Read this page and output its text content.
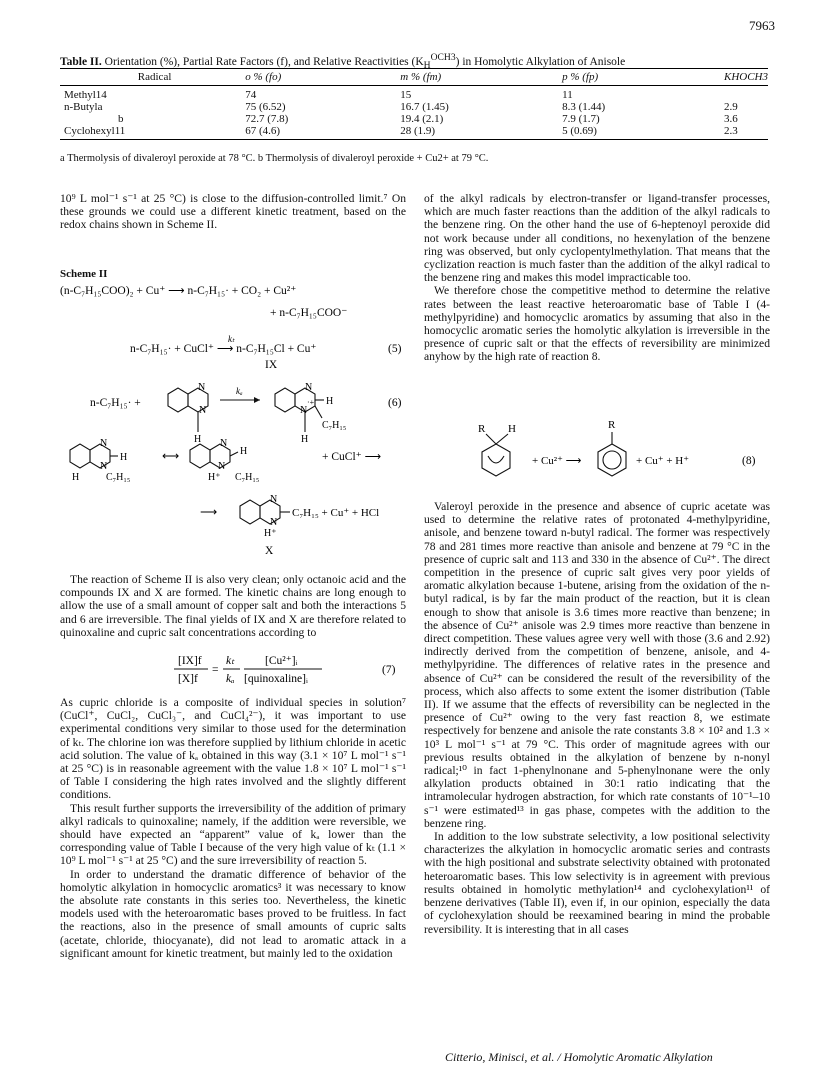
7963
Table II. Orientation (%), Partial Rate Factors (f), and Relative Reactivities $(K_H^{OCH3})$ in Homolytic Alkylation of Anisole
Radical	o % (fo)	m % (fm)	p % (fp)	KHOCH3
Methyl14	74	15	11	
n-Butyla	75 (6.52)	16.7 (1.45)	8.3 (1.44)	2.9
b	72.7 (7.8)	19.4 (2.1)	7.9 (1.7)	3.6
Cyclohexyl11	67 (4.6)	28 (1.9)	5 (0.69)	2.3
a Thermolysis of divaleroyl peroxide at 78 °C. b Thermolysis of divaleroyl peroxide + Cu2+ at 79 °C.

10⁹ L mol⁻¹ s⁻¹ at 25 °C) is close to the diffusion-controlled limit.⁷ On these grounds we could use a different kinetic treatment, based on the redox chains shown in Scheme II.

Scheme II
(n-C₇H₁₅COO)₂ + Cu⁺ ⟶ n-C₇H₁₅· + CO₂ + Cu²⁺
+ n-C₇H₁₅COO⁻
kₜ
n-C₇H₁₅· + CuCl⁺ ⟶ n-C₇H₁₅Cl + Cu⁺	(5)
IX
n-C₇H₁₅· +
N
N
H
kₐ	N
N
·+ H
C₇H₁₅
H
(6)
N
N
H
H	C₇H₁₅
⟷
N
N
H
H⁺ C₇H₁₅
+ CuCl⁺ ⟶
⟶
N
N
H⁺
C₇H₁₅ + Cu⁺ + HCl
X

The reaction of Scheme II is also very clean; only octanoic acid and the compounds IX and X are formed. The kinetic chains are long enough to allow the use of a small amount of copper salt and both the interactions 5 and 6 are irreversible. The final yields of IX and X are therefore related to quinoxaline and cupric salt concentrations according to

[IX]f
[X]f
=
kₜ
kₐ
[Cu²⁺]ᵢ
[quinoxaline]ᵢ
(7)

As cupric chloride is a composite of individual species in solution⁷ (CuCl⁺, CuCl₂, CuCl₃⁻, and CuCl₄²⁻), it was important to use experimental conditions very similar to those used for the determination of kₜ. The chlorine ion was therefore supplied by lithium chloride in acetic acid solution. The value of kₐ obtained in this way (3.1 × 10⁷ L mol⁻¹ s⁻¹ at 25 °C) is in reasonable agreement with the value 1.8 × 10⁷ L mol⁻¹ s⁻¹ of Table I considering the high rates involved and the slightly different conditions.

This result further supports the irreversibility of the addition of primary alkyl radicals to quinoxaline; namely, if the addition were reversible, we should have expected an “apparent” value of kₐ lower than the corresponding value of Table I because of the very high value of kₜ (1.1 × 10⁹ L mol⁻¹ s⁻¹ at 25 °C) and the sure irreversibility of reaction 5.

In order to understand the dramatic difference of behavior of the homolytic alkylation in homocyclic aromatics³ it was necessary to know the absolute rate constants in this series too. Nevertheless, the kinetic models used with the heteroaromatic bases proved to be fruitless. In fact the reactions, also in the presence of small amounts of cupric salts (acetate, chloride, thiocyanate), did not lead to aromatic attack in a significant amount for kinetic treatment, but mainly led to the oxidation

of the alkyl radicals by electron-transfer or ligand-transfer processes, which are much faster reactions than the addition of the alkyl radicals to the benzene ring. On the other hand the use of 6-heptenoyl peroxide did not work because under all conditions, no hexenylation of the benzene ring was observed, but only cyclopentylmethylation. That means that the cyclization reaction is much faster than the addition of the alkyl radical to the benzene ring and makes this model impracticable too.

We therefore chose the competitive method to determine the relative rates between the least reactive heteroaromatic base of Table I (4-methylpyridine) and homocyclic aromatics by assuming that also in the homocyclic aromatic series the homolytic alkylation is irreversible in the presence of cupric salt or that the effects of reversibility are minimized anyhow by the high rate of reaction 8.

R H
+ Cu²⁺ ⟶
R
+ Cu⁺ + H⁺	(8)

Valeroyl peroxide in the presence and absence of cupric acetate was used to determine the relative rates of protonated 4-methylpyridine, anisole, and benzene toward n-butyl radical. The former was respectively 78 and 281 times more reactive than anisole and benzene at 79 °C in the presence of cupric salt and 113 and 330 in the absence of Cu²⁺. The direct competition in the presence of cupric salt gives very poor yields of aromatic alkylation because 1-butene, arising from the oxidation of the n-butyl radical, is by far the main product of the reaction, but it is clean enough to show that anisole is 3.6 times more reactive than benzene; in the absence of Cu²⁺ anisole was 2.9 times more reactive than benzene in direct competition. These values agree very well with those (3.6 and 2.92) indirectly derived from the competition of benzene, anisole, and 4-methylpyridine. The differences of relative rates in the presence and absence of Cu²⁺ can be considered the result of the reversibility of the process, which also affects to some extent the isomer distribution (Table II). If we assume that the effects of reversibility can be neglected in the presence of Cu²⁺ owing to the very fast reaction 8, we estimate respectively for benzene and anisole the rate constants 3.8 × 10² and 1.3 × 10³ L mol⁻¹ s⁻¹ at 79 °C. This order of magnitude agrees with our previous results obtained in the alkylation of benzene by n-nonyl radical;¹⁰ in fact 1-phenylnonane and 5-phenylnonane were the only alkylation products obtained in 30:1 ratio indicating that the intramolecular hydrogen abstraction, for which rate constants of 10⁻¹–10 s⁻¹ were estimated¹³ in gas phase, competes with the addition to the benzene ring.

In addition to the low substrate selectivity, a low positional selectivity characterizes the alkylation in homocyclic aromatic series and contrasts with the high positional and substrate selectivity obtained with protonated heteroaromatic bases. This low selectivity is in agreement with previous results obtained in homolytic methylation¹⁴ and cyclohexylation¹¹ of benzene derivatives (Table II), even if, in our opinion, especially the data of cyclohexylation should be reexamined bearing in mind the probable reversibility. It is interesting that in all cases

Citterio, Minisci, et al. / Homolytic Aromatic Alkylation
